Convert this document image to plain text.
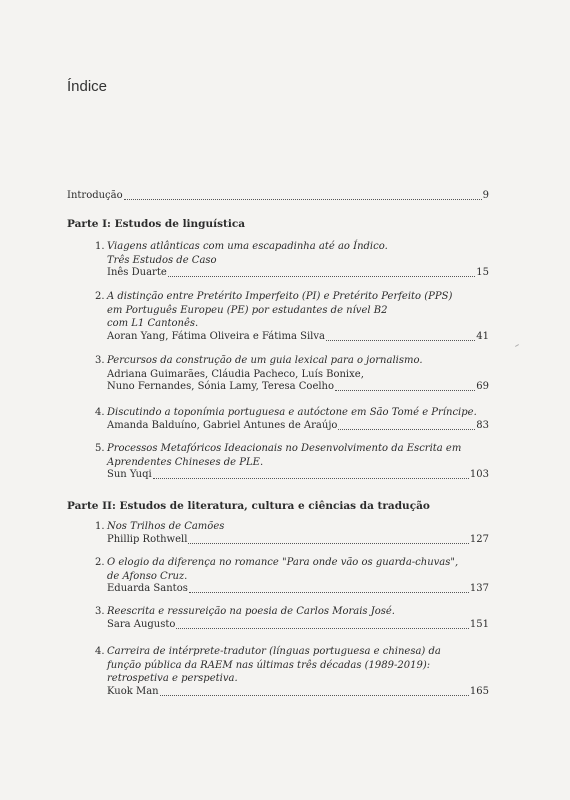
Índice
Introdução	9
Parte I: Estudos de linguística
1. Viagens atlânticas com uma escapadinha até ao Índico.
Três Estudos de Caso
Inês Duarte	15
2. A distinção entre Pretérito Imperfeito (PI) e Pretérito Perfeito (PPS)
em Português Europeu (PE) por estudantes de nível B2
com L1 Cantonês.
Aoran Yang, Fátima Oliveira e Fátima Silva	41
3. Percursos da construção de um guia lexical para o jornalismo.
Adriana Guimarães, Cláudia Pacheco, Luís Bonixe,
Nuno Fernandes, Sónia Lamy, Teresa Coelho	69
4. Discutindo a toponímia portuguesa e autóctone em São Tomé e Príncipe.
Amanda Balduíno, Gabriel Antunes de Araújo	83
5. Processos Metafóricos Ideacionais no Desenvolvimento da Escrita em
Aprendentes Chineses de PLE.
Sun Yuqi	103
Parte II: Estudos de literatura, cultura e ciências da tradução
1. Nos Trilhos de Camões
Phillip Rothwell	127
2. O elogio da diferença no romance "Para onde vão os guarda-chuvas",
de Afonso Cruz.
Eduarda Santos	137
3. Reescrita e ressureição na poesia de Carlos Morais José.
Sara Augusto	151
4. Carreira de intérprete-tradutor (línguas portuguesa e chinesa) da
função pública da RAEM nas últimas três décadas (1989-2019):
retrospetiva e perspetiva.
Kuok Man	165
